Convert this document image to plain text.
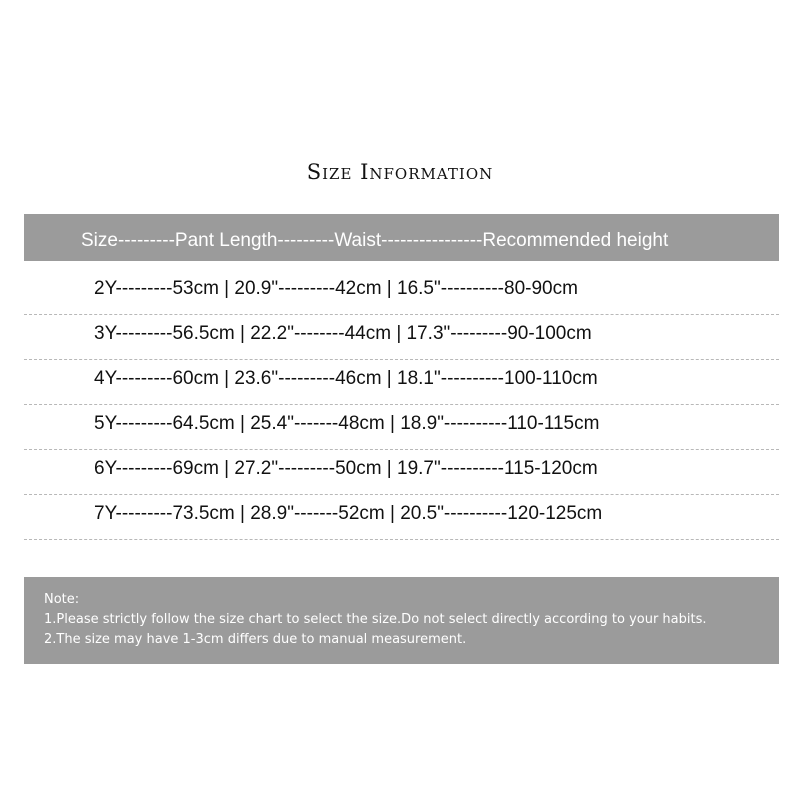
Size Information
Size---------Pant Length---------Waist----------------Recommended height
2Y---------53cm | 20.9"---------42cm | 16.5"----------80-90cm
3Y---------56.5cm | 22.2"--------44cm | 17.3"---------90-100cm
4Y---------60cm | 23.6"---------46cm | 18.1"----------100-110cm
5Y---------64.5cm | 25.4"-------48cm | 18.9"----------110-115cm
6Y---------69cm | 27.2"---------50cm | 19.7"----------115-120cm
7Y---------73.5cm | 28.9"-------52cm | 20.5"----------120-125cm
Note:
1.Please strictly follow the size chart to select the size.Do not select directly according to your habits.
2.The size may have 1-3cm differs due to manual measurement.
